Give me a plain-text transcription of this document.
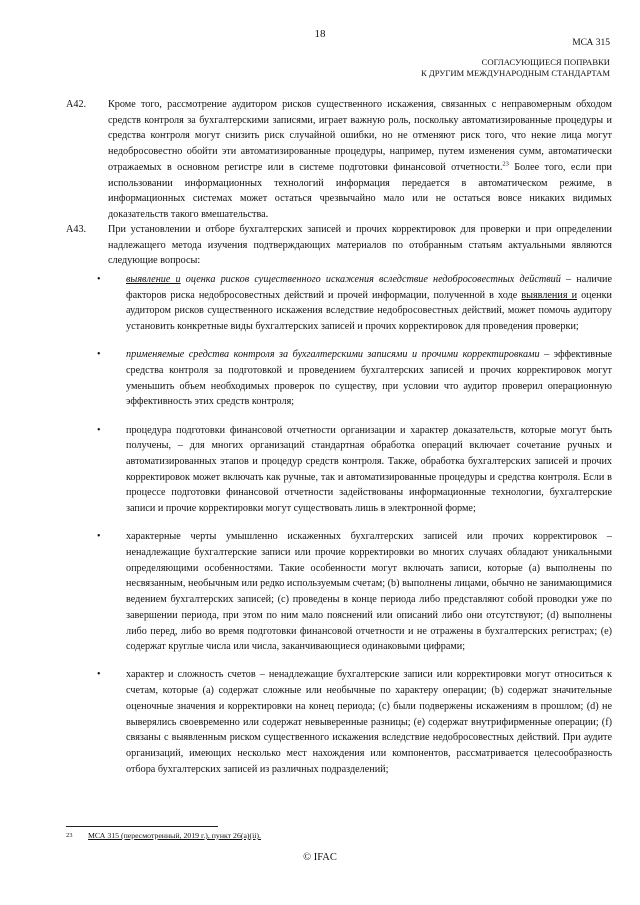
18
МСА 315
СОГЛАСУЮЩИЕСЯ ПОПРАВКИ
К ДРУГИМ МЕЖДУНАРОДНЫМ СТАНДАРТАМ
A42.	Кроме того, рассмотрение аудитором рисков существенного искажения, связанных с неправомерным обходом средств контроля за бухгалтерскими записями, играет важную роль, поскольку автоматизированные процедуры и средства контроля могут снизить риск случайной ошибки, но не отменяют риск того, что некие лица могут недобросовестно обойти эти автоматизированные процедуры, например, путем изменения сумм, автоматически отражаемых в основном регистре или в системе подготовки финансовой отчетности.$^{23}$ Более того, если при использовании информационных технологий информация передается в автоматическом режиме, в информационных системах может остаться чрезвычайно мало или не остаться вовсе никаких видимых доказательств такого вмешательства.
A43.	При установлении и отборе бухгалтерских записей и прочих корректировок для проверки и при определении надлежащего метода изучения подтверждающих материалов по отобранным статьям актуальными являются следующие вопросы:
• выявление и оценка рисков существенного искажения вследствие недобросовестных действий – наличие факторов риска недобросовестных действий и прочей информации, полученной в ходе выявления и оценки аудитором рисков существенного искажения вследствие недобросовестных действий, может помочь аудитору установить конкретные виды бухгалтерских записей и прочих корректировок для проведения проверки;
• применяемые средства контроля за бухгалтерскими записями и прочими корректировками – эффективные средства контроля за подготовкой и проведением бухгалтерских записей и прочих корректировок могут уменьшить объем необходимых проверок по существу, при условии что аудитор проверил операционную эффективность этих средств контроля;
• процедура подготовки финансовой отчетности организации и характер доказательств, которые могут быть получены, – для многих организаций стандартная обработка операций включает сочетание ручных и автоматизированных этапов и процедур средств контроля. Также, обработка бухгалтерских записей и прочих корректировок может включать как ручные, так и автоматизированные процедуры и средства контроля. Если в процессе подготовки финансовой отчетности задействованы информационные технологии, бухгалтерские записи и прочие корректировки могут существовать лишь в электронной форме;
• характерные черты умышленно искаженных бухгалтерских записей или прочих корректировок – ненадлежащие бухгалтерские записи или прочие корректировки во многих случаях обладают уникальными определяющими особенностями. Такие особенности могут включать записи, которые (a) выполнены по несвязанным, необычным или редко используемым счетам; (b) выполнены лицами, обычно не занимающимися ведением бухгалтерских записей; (c) проведены в конце периода либо представляют собой проводки уже по завершении периода, при этом по ним мало пояснений или описаний либо они отсутствуют; (d) выполнены либо перед, либо во время подготовки финансовой отчетности и не отражены в бухгалтерских регистрах; (e) содержат круглые числа или числа, заканчивающиеся одинаковыми цифрами;
• характер и сложность счетов – ненадлежащие бухгалтерские записи или корректировки могут относиться к счетам, которые (a) содержат сложные или необычные по характеру операции; (b) содержат значительные оценочные значения и корректировки на конец периода; (c) были подвержены искажениям в прошлом; (d) не выверялись своевременно или содержат невыверенные разницы; (e) содержат внутрифирменные операции; (f) связаны с выявленным риском существенного искажения вследствие недобросовестных действий. При аудите организаций, имеющих несколько мест нахождения или компонентов, рассматривается целесообразность отбора бухгалтерских записей из различных подразделений;
23 МСА 315 (пересмотренный, 2019 г.), пункт 26(a)(ii).
© IFAC
